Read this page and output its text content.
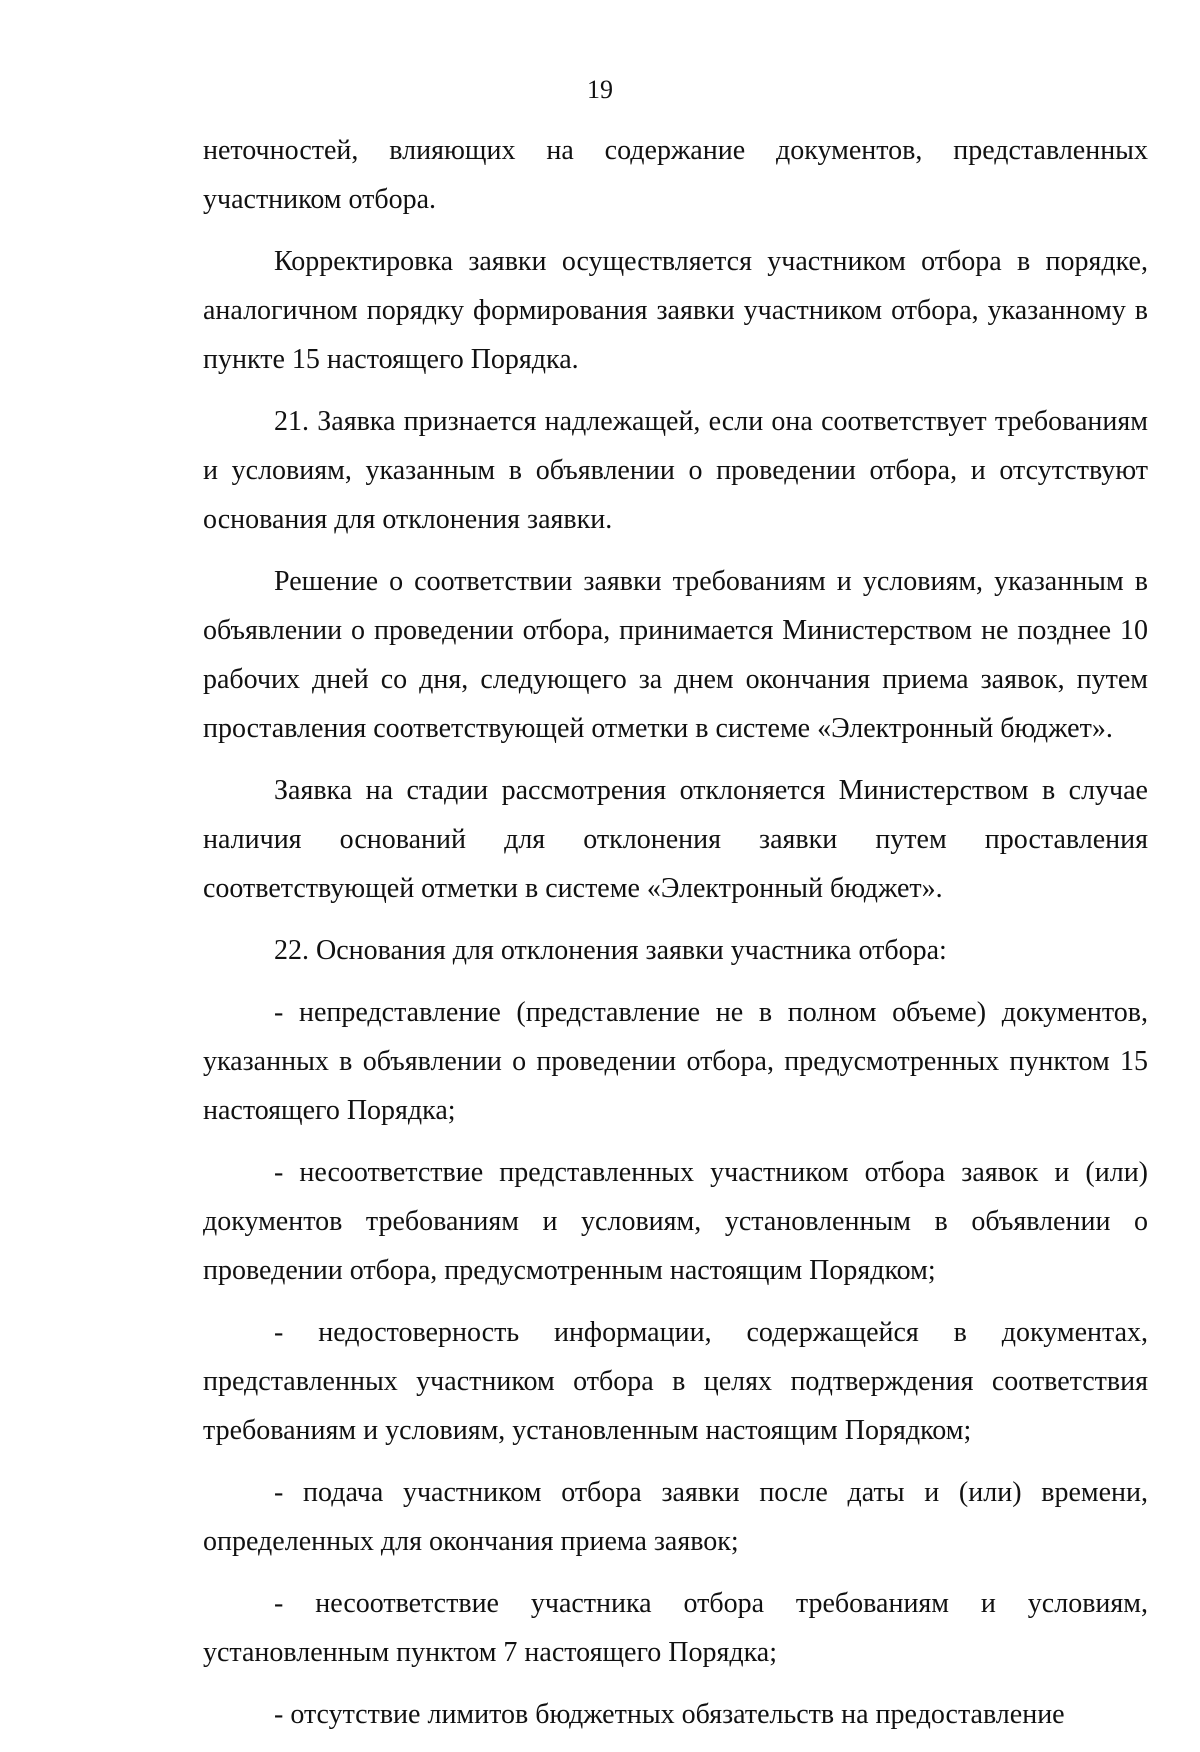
19

неточностей, влияющих на содержание документов, представленных участником отбора.

Корректировка заявки осуществляется участником отбора в порядке, аналогичном порядку формирования заявки участником отбора, указанному в пункте 15 настоящего Порядка.

21. Заявка признается надлежащей, если она соответствует требованиям и условиям, указанным в объявлении о проведении отбора, и отсутствуют основания для отклонения заявки.

Решение о соответствии заявки требованиям и условиям, указанным в объявлении о проведении отбора, принимается Министерством не позднее 10 рабочих дней со дня, следующего за днем окончания приема заявок, путем проставления соответствующей отметки в системе «Электронный бюджет».

Заявка на стадии рассмотрения отклоняется Министерством в случае наличия оснований для отклонения заявки путем проставления соответствующей отметки в системе «Электронный бюджет».

22. Основания для отклонения заявки участника отбора:

- непредставление (представление не в полном объеме) документов, указанных в объявлении о проведении отбора, предусмотренных пунктом 15 настоящего Порядка;

- несоответствие представленных участником отбора заявок и (или) документов требованиям и условиям, установленным в объявлении о проведении отбора, предусмотренным настоящим Порядком;

- недостоверность информации, содержащейся в документах, представленных участником отбора в целях подтверждения соответствия требованиям и условиям, установленным настоящим Порядком;

- подача участником отбора заявки после даты и (или) времени, определенных для окончания приема заявок;

- несоответствие участника отбора требованиям и условиям, установленным пунктом 7 настоящего Порядка;

- отсутствие лимитов бюджетных обязательств на предоставление
